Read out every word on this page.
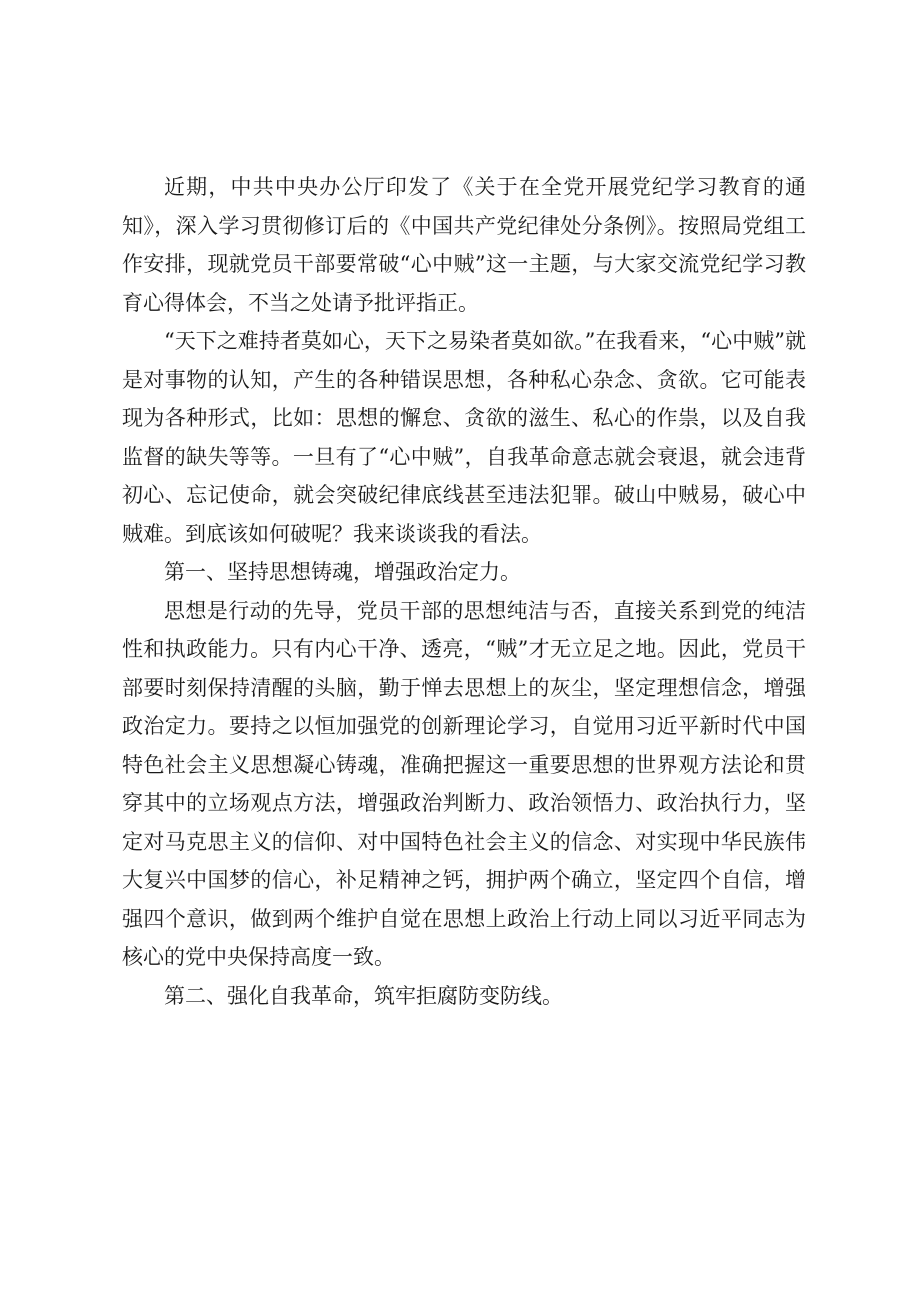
近期，中共中央办公厅印发了《关于在全党开展党纪学习教育的通知》，深入学习贯彻修订后的《中国共产党纪律处分条例》。按照局党组工作安排，现就党员干部要常破“心中贼”这一主题，与大家交流党纪学习教育心得体会，不当之处请予批评指正。

“天下之难持者莫如心，天下之易染者莫如欲。”在我看来，“心中贼”就是对事物的认知，产生的各种错误思想，各种私心杂念、贪欲。它可能表现为各种形式，比如：思想的懈怠、贪欲的滋生、私心的作祟，以及自我监督的缺失等等。一旦有了“心中贼”，自我革命意志就会衰退，就会违背初心、忘记使命，就会突破纪律底线甚至违法犯罪。破山中贼易，破心中贼难。到底该如何破呢？我来谈谈我的看法。

第一、坚持思想铸魂，增强政治定力。

思想是行动的先导，党员干部的思想纯洁与否，直接关系到党的纯洁性和执政能力。只有内心干净、透亮，“贼”才无立足之地。因此，党员干部要时刻保持清醒的头脑，勤于惮去思想上的灰尘，坚定理想信念，增强政治定力。要持之以恒加强党的创新理论学习，自觉用习近平新时代中国特色社会主义思想凝心铸魂，准确把握这一重要思想的世界观方法论和贯穿其中的立场观点方法，增强政治判断力、政治领悟力、政治执行力，坚定对马克思主义的信仰、对中国特色社会主义的信念、对实现中华民族伟大复兴中国梦的信心，补足精神之钙，拥护两个确立，坚定四个自信，增强四个意识，做到两个维护自觉在思想上政治上行动上同以习近平同志为核心的党中央保持高度一致。

第二、强化自我革命，筑牢拒腐防变防线。
